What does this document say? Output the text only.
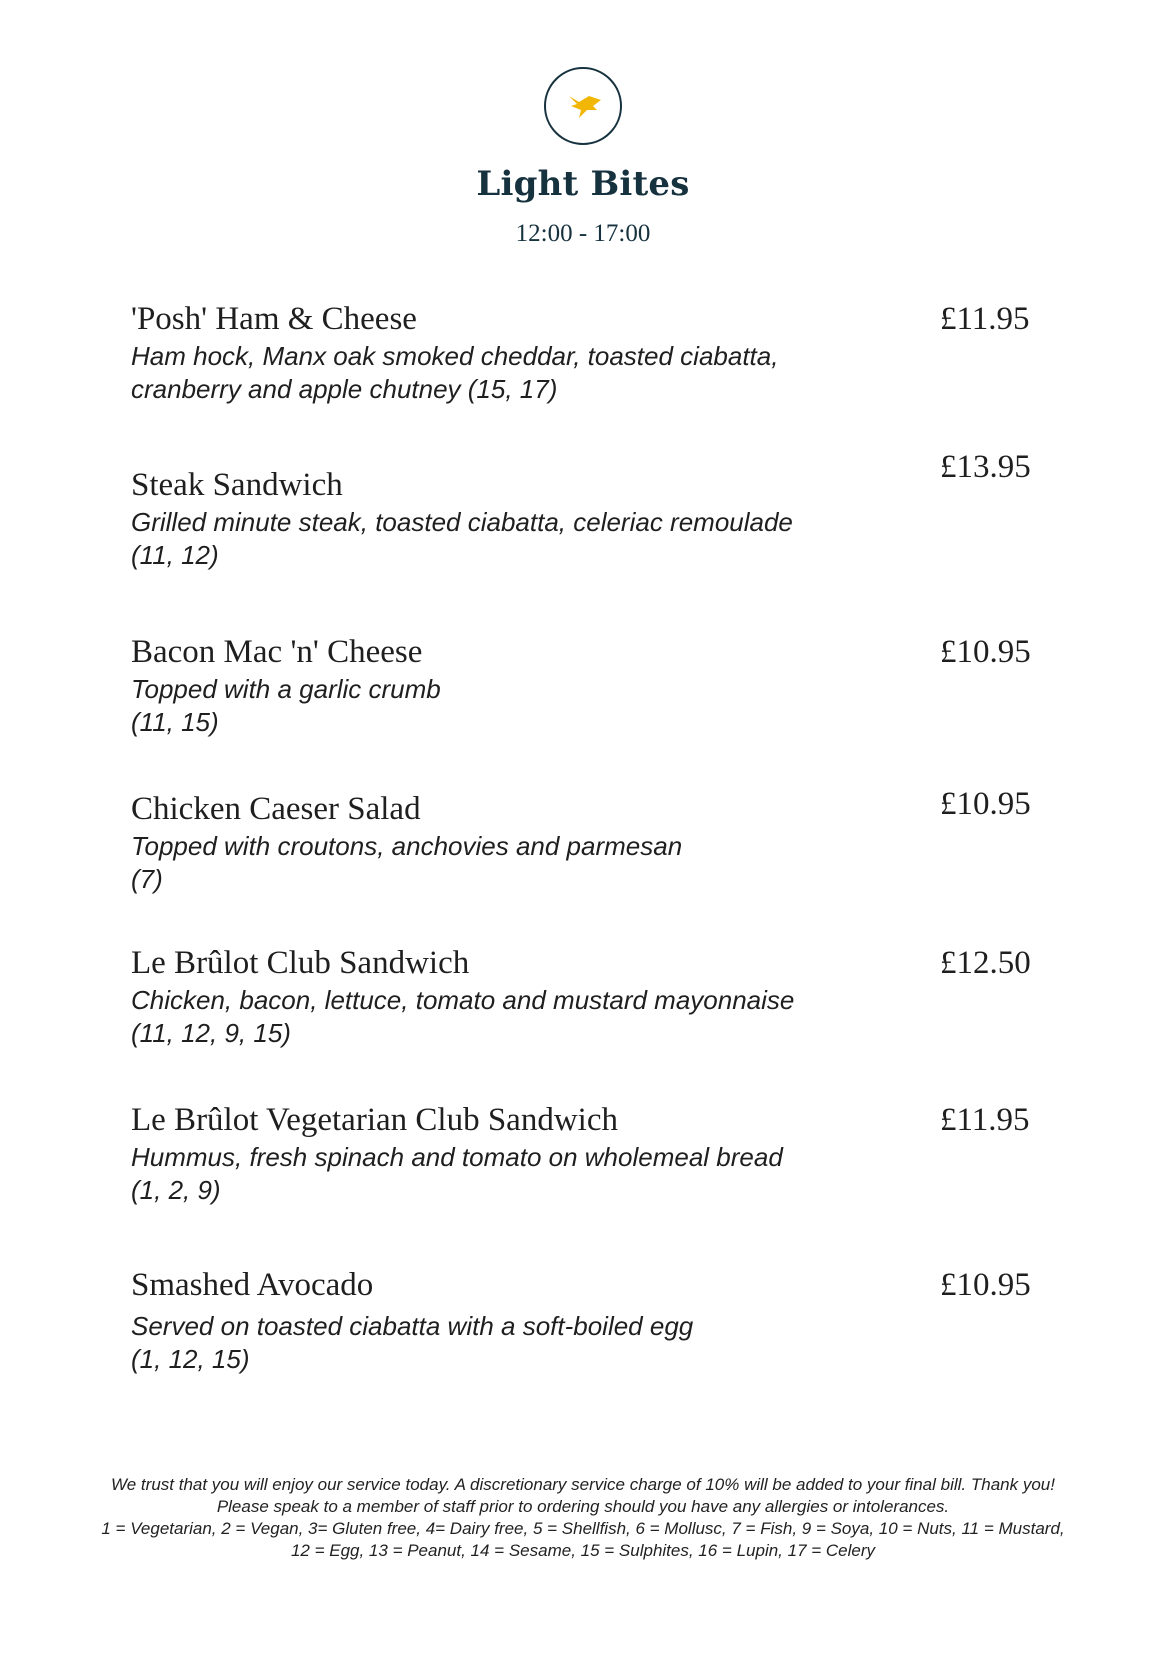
Light Bites
12:00 - 17:00
'Posh' Ham & Cheese
Ham hock, Manx oak smoked cheddar, toasted ciabatta,
cranberry and apple chutney (15, 17)
£11.95
Steak Sandwich
Grilled minute steak, toasted ciabatta, celeriac remoulade
(11, 12)
£13.95
Bacon Mac 'n' Cheese
Topped with a garlic crumb
(11, 15)
£10.95
Chicken Caeser Salad
Topped with croutons, anchovies and parmesan
(7)
£10.95
Le Brûlot Club Sandwich
Chicken, bacon, lettuce, tomato and mustard mayonnaise
(11, 12, 9, 15)
£12.50
Le Brûlot Vegetarian Club Sandwich
Hummus, fresh spinach and tomato on wholemeal bread
(1, 2, 9)
£11.95
Smashed Avocado
Served on toasted ciabatta with a soft-boiled egg
(1, 12, 15)
£10.95
We trust that you will enjoy our service today. A discretionary service charge of 10% will be added to your final bill. Thank you!
Please speak to a member of staff prior to ordering should you have any allergies or intolerances.
1 = Vegetarian, 2 = Vegan, 3= Gluten free, 4= Dairy free, 5 = Shellfish, 6 = Mollusc, 7 = Fish, 9 = Soya, 10 = Nuts, 11 = Mustard,
12 = Egg, 13 = Peanut, 14 = Sesame, 15 = Sulphites, 16 = Lupin, 17 = Celery
